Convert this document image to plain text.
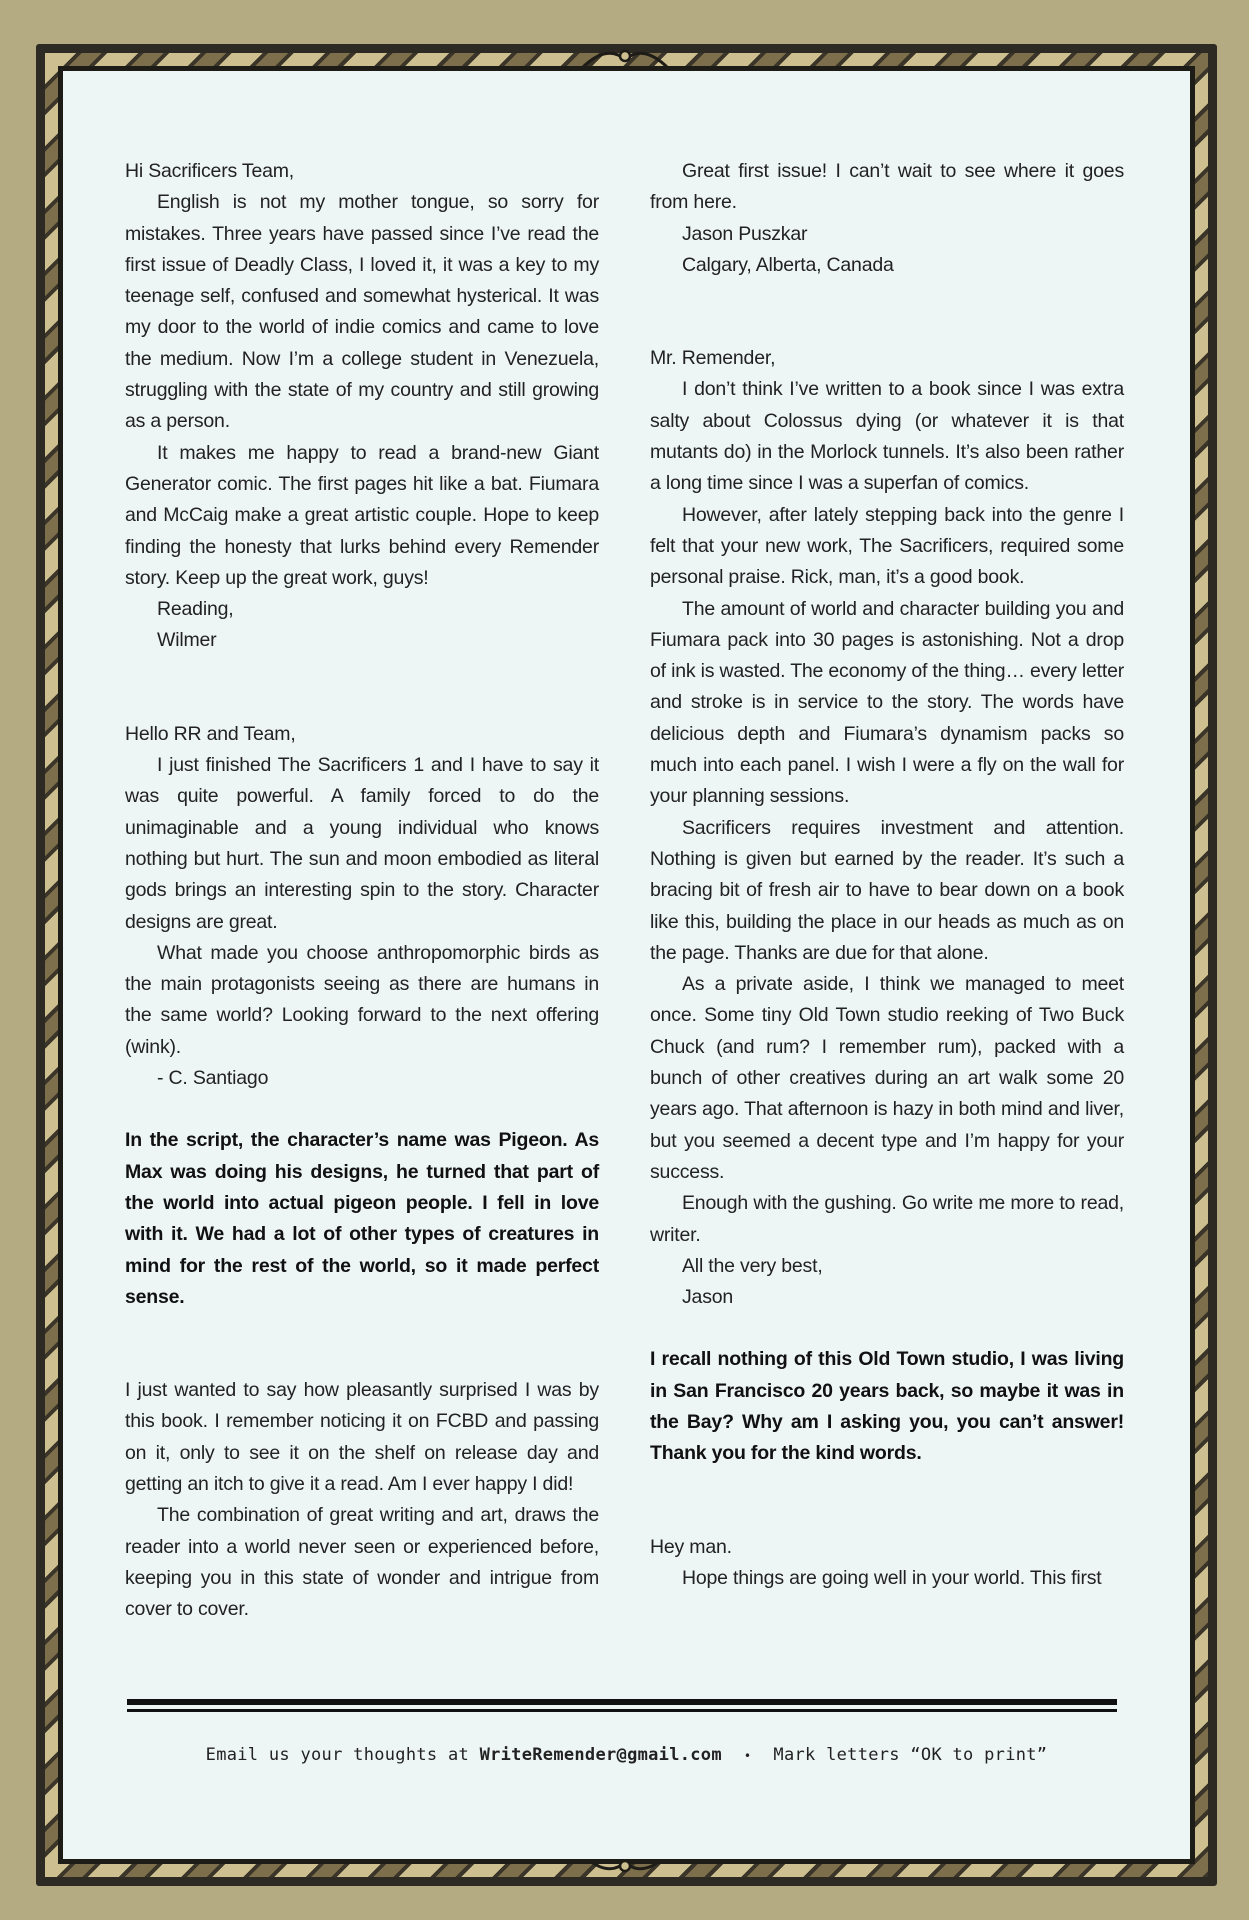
Hi Sacrificers Team,

English is not my mother tongue, so sorry for mistakes. Three years have passed since I’ve read the first issue of Deadly Class, I loved it, it was a key to my teenage self, confused and somewhat hysterical. It was my door to the world of indie comics and came to love the medium. Now I’m a college student in Venezuela, struggling with the state of my country and still growing as a person.

It makes me happy to read a brand-new Giant Generator comic. The first pages hit like a bat. Fiumara and McCaig make a great artistic couple. Hope to keep finding the honesty that lurks behind every Remender story. Keep up the great work, guys!

Reading,

Wilmer

Hello RR and Team,

I just finished The Sacrificers 1 and I have to say it was quite powerful. A family forced to do the unimaginable and a young individual who knows nothing but hurt. The sun and moon embodied as literal gods brings an interesting spin to the story. Character designs are great.

What made you choose anthropomorphic birds as the main protagonists seeing as there are humans in the same world? Looking forward to the next offering (wink).

- C. Santiago

In the script, the character’s name was Pigeon. As Max was doing his designs, he turned that part of the world into actual pigeon people. I fell in love with it. We had a lot of other types of creatures in mind for the rest of the world, so it made perfect sense.

I just wanted to say how pleasantly surprised I was by this book. I remember noticing it on FCBD and passing on it, only to see it on the shelf on release day and getting an itch to give it a read. Am I ever happy I did!

The combination of great writing and art, draws the reader into a world never seen or experienced before, keeping you in this state of wonder and intrigue from cover to cover.

Great first issue! I can’t wait to see where it goes from here.

Jason Puszkar

Calgary, Alberta, Canada

Mr. Remender,

I don’t think I’ve written to a book since I was extra salty about Colossus dying (or whatever it is that mutants do) in the Morlock tunnels. It’s also been rather a long time since I was a superfan of comics.

However, after lately stepping back into the genre I felt that your new work, The Sacrificers, required some personal praise. Rick, man, it’s a good book.

The amount of world and character building you and Fiumara pack into 30 pages is astonishing. Not a drop of ink is wasted. The economy of the thing… every letter and stroke is in service to the story. The words have delicious depth and Fiumara’s dynamism packs so much into each panel. I wish I were a fly on the wall for your planning sessions.

Sacrificers requires investment and attention. Nothing is given but earned by the reader. It’s such a bracing bit of fresh air to have to bear down on a book like this, building the place in our heads as much as on the page. Thanks are due for that alone.

As a private aside, I think we managed to meet once. Some tiny Old Town studio reeking of Two Buck Chuck (and rum? I remember rum), packed with a bunch of other creatives during an art walk some 20 years ago. That afternoon is hazy in both mind and liver, but you seemed a decent type and I’m happy for your success.

Enough with the gushing. Go write me more to read, writer.

All the very best,

Jason

I recall nothing of this Old Town studio, I was living in San Francisco 20 years back, so maybe it was in the Bay? Why am I asking you, you can’t answer! Thank you for the kind words.

Hey man.

Hope things are going well in your world. This first

Email us your thoughts at WriteRemender@gmail.com • Mark letters “OK to print”
